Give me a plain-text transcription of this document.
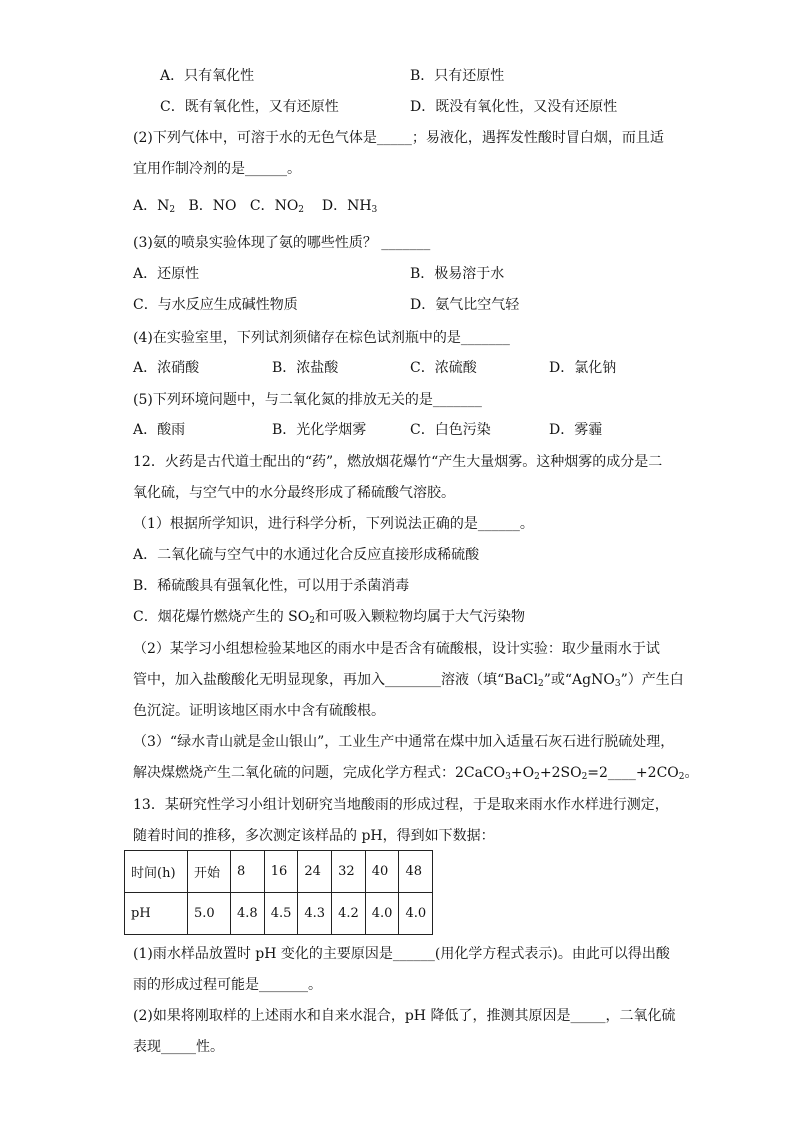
A．只有氧化性	B．只有还原性
C．既有氧化性，又有还原性	D．既没有氧化性，又没有还原性
(2)下列气体中，可溶于水的无色气体是_____；易液化，遇挥发性酸时冒白烟，而且适
宜用作制冷剂的是______。
A．$N_2$ B．NO C．$NO_2$ D．$NH_3$
(3)氨的喷泉实验体现了氨的哪些性质？ _______
A．还原性	B．极易溶于水
C．与水反应生成碱性物质	D．氨气比空气轻
(4)在实验室里，下列试剂须储存在棕色试剂瓶中的是_______
A．浓硝酸	B．浓盐酸	C．浓硫酸	D．氯化钠
(5)下列环境问题中，与二氧化氮的排放无关的是_______
A．酸雨	B．光化学烟雾	C．白色污染	D．雾霾
12．火药是古代道士配出的“药”，燃放烟花爆竹“产生大量烟雾。这种烟雾的成分是二
氧化硫，与空气中的水分最终形成了稀硫酸气溶胶。
（1）根据所学知识，进行科学分析，下列说法正确的是______。
A．二氧化硫与空气中的水通过化合反应直接形成稀硫酸
B．稀硫酸具有强氧化性，可以用于杀菌消毒
C．烟花爆竹燃烧产生的 $SO_2$和可吸入颗粒物均属于大气污染物
（2）某学习小组想检验某地区的雨水中是否含有硫酸根，设计实验：取少量雨水于试
管中，加入盐酸酸化无明显现象，再加入________溶液（填“BaCl$_2$”或“AgNO$_3$”）产生白
色沉淀。证明该地区雨水中含有硫酸根。
（3）“绿水青山就是金山银山”，工业生产中通常在煤中加入适量石灰石进行脱硫处理，
解决煤燃烧产生二氧化硫的问题，完成化学方程式：$2CaCO_3+O_2+2SO_2=2\_\_\_\_+2CO_2$。
13．某研究性学习小组计划研究当地酸雨的形成过程，于是取来雨水作水样进行测定，
随着时间的推移，多次测定该样品的 pH，得到如下数据：
时间(h)	开始	8	16	24	32	40	48
pH	5.0	4.8	4.5	4.3	4.2	4.0	4.0
(1)雨水样品放置时 pH 变化的主要原因是______(用化学方程式表示)。由此可以得出酸
雨的形成过程可能是_______。
(2)如果将刚取样的上述雨水和自来水混合，pH 降低了，推测其原因是_____，二氧化硫
表现_____性。
